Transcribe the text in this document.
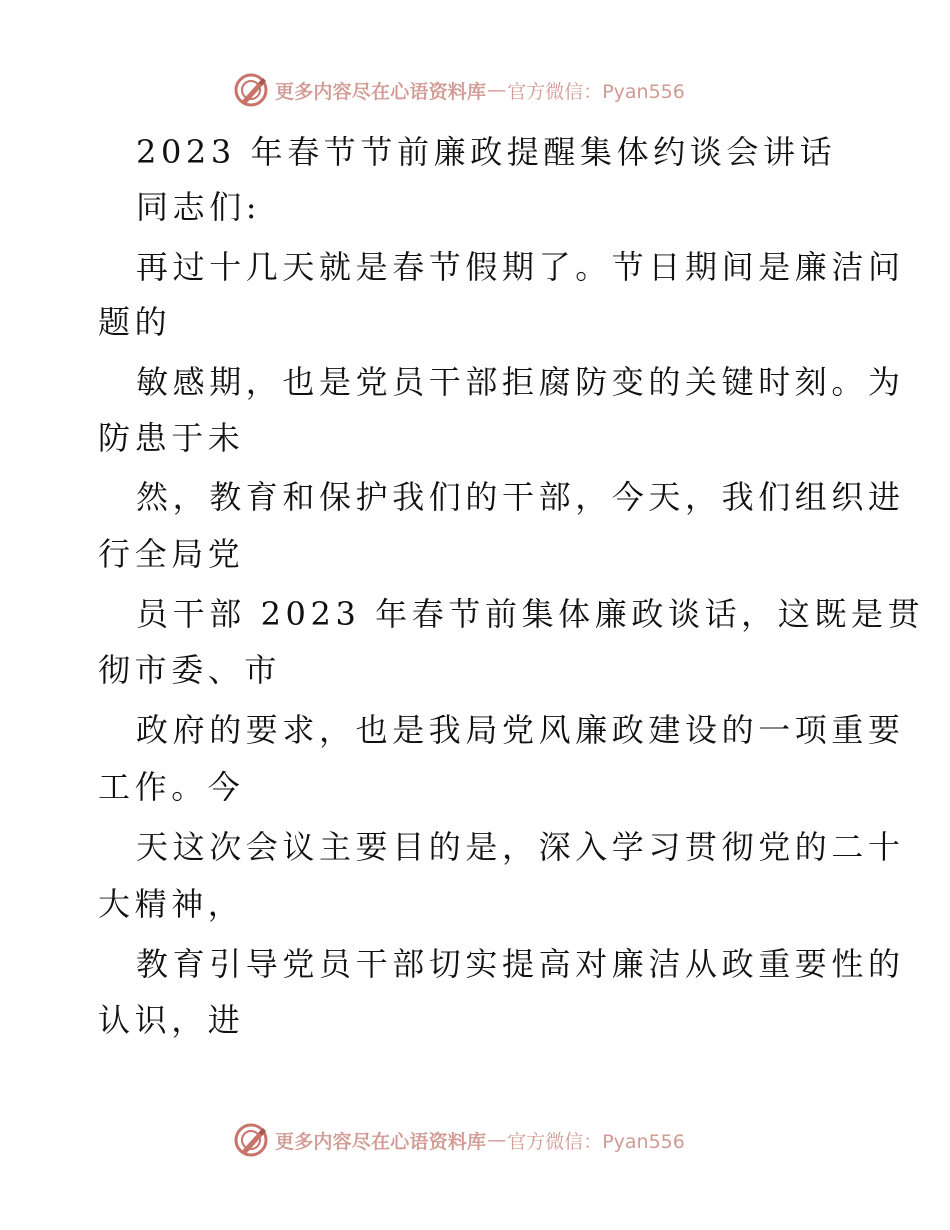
更多内容尽在心语资料库 — 官方微信：Pyan556
2023 年春节节前廉政提醒集体约谈会讲话
同志们:
再过十几天就是春节假期了。节日期间是廉洁问
题的
敏感期，也是党员干部拒腐防变的关键时刻。为
防患于未
然，教育和保护我们的干部，今天，我们组织进
行全局党
员干部 2023 年春节前集体廉政谈话，这既是贯
彻市委、市
政府的要求，也是我局党风廉政建设的一项重要
工作。今
天这次会议主要目的是，深入学习贯彻党的二十
大精神，
教育引导党员干部切实提高对廉洁从政重要性的
认识，进
更多内容尽在心语资料库 — 官方微信：Pyan556
